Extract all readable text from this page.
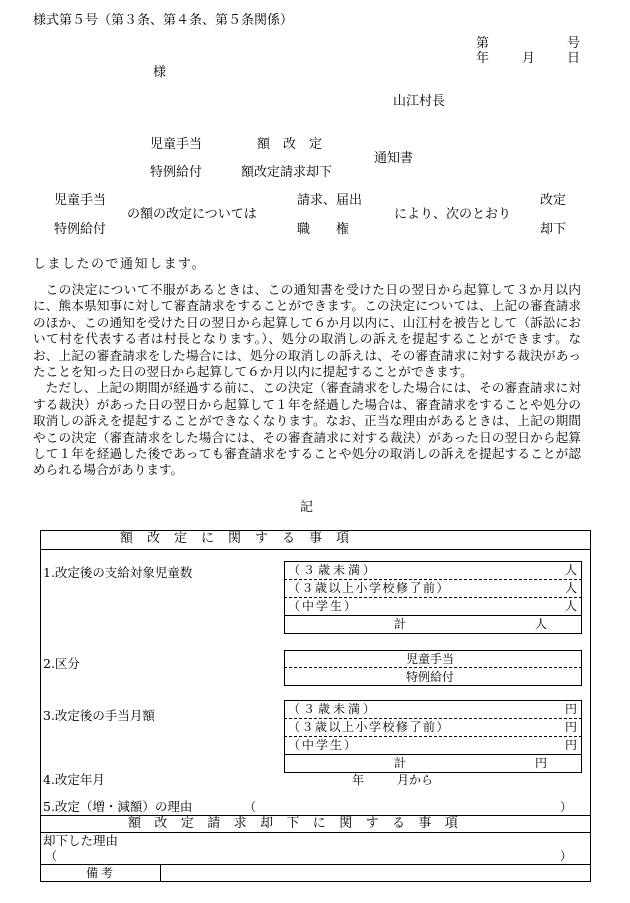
様式第５号（第３条、第４条、第５条関係）
第	号
年	月 日
様
山江村長
児童手当	額　改　定
通知書
特例給付	額改定請求却下
児童手当
特例給付
の額の改定については
請求、届出
職　　権
により、次のとおり
改定
却下
しましたので通知します。

この決定について不服があるときは、この通知書を受けた日の翌日から起算して３か月以内に、熊本県知事に対して審査請求をすることができます。この決定については、上記の審査請求のほか、この通知を受けた日の翌日から起算して６か月以内に、山江村を被告として（訴訟において村を代表する者は村長となります。）、処分の取消しの訴えを提起することができます。なお、上記の審査請求をした場合には、処分の取消しの訴えは、その審査請求に対する裁決があったことを知った日の翌日から起算して６か月以内に提起することができます。

ただし、上記の期間が経過する前に、この決定（審査請求をした場合には、その審査請求に対する裁決）があった日の翌日から起算して１年を経過した場合は、審査請求をすることや処分の取消しの訴えを提起することができなくなります。なお、正当な理由があるときは、上記の期間やこの決定（審査請求をした場合には、その審査請求に対する裁決）があった日の翌日から起算して１年を経過した後であっても審査請求をすることや処分の取消しの訴えを提起することが認められる場合があります。

記
額　改　定　に　関　す　る　事　項
1.改定後の支給対象児童数	（３歳未満）	人
（３歳以上小学校修了前）	人
（中学生）	人
計	人
2.区分	児童手当
特例給付
3.改定後の手当月額	（３歳未満）	円
（３歳以上小学校修了前）	円
（中学生）	円
計	円
4.改定年月	年	月から
5.改定（増・減額）の理由	（	）
額　改　定　請　求　却　下　に　関　す　る　事　項
却下した理由
（	）
備考
